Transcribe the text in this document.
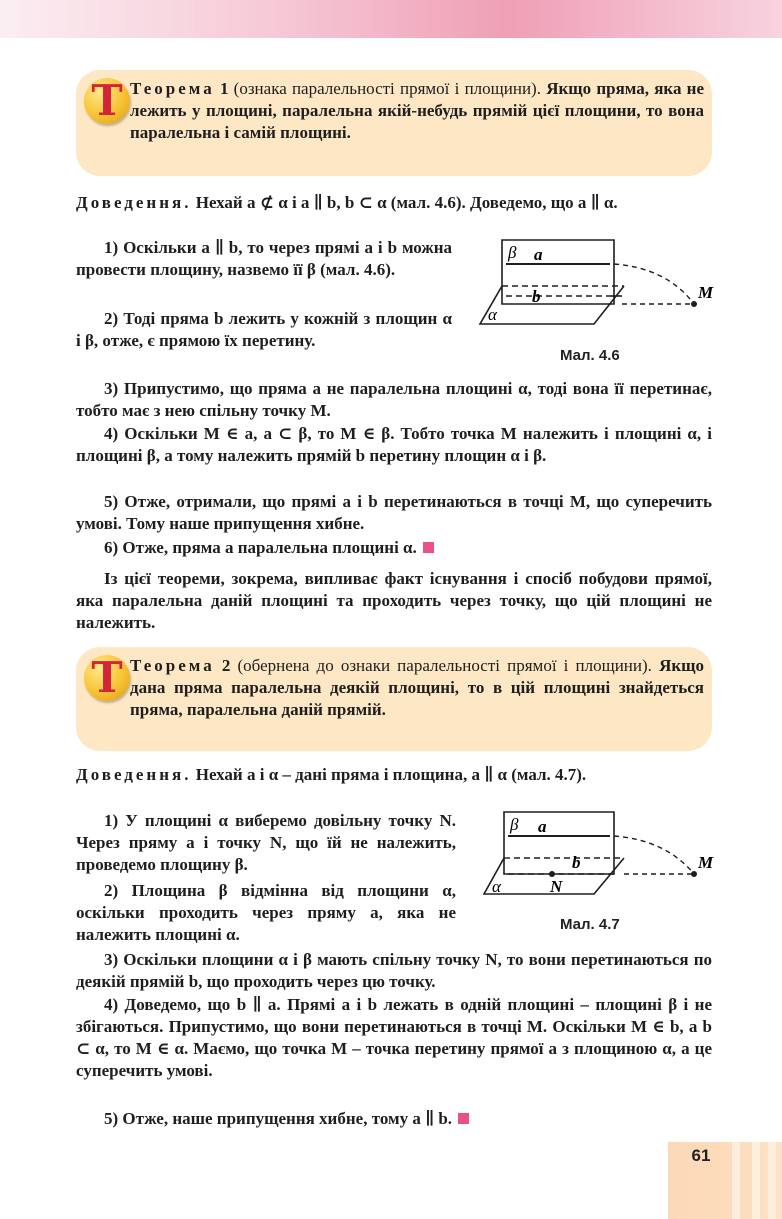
Т Теорема 1 (ознака паралельності прямої і площини). Якщо пряма, яка не лежить у площині, паралельна якій-небудь прямій цієї площини, то вона паралельна і самій площині.
Доведення. Нехай a ⊄ α і a ∥ b, b ⊂ α (мал. 4.6). Доведемо, що a ∥ α.
1) Оскільки a ∥ b, то через прямі a і b можна провести площину, назвемо її β (мал. 4.6).
2) Тоді пряма b лежить у кожній з площин α і β, отже, є прямою їх перетину.
β a
b
α
M
Мал. 4.6
3) Припустимо, що пряма a не паралельна площині α, тоді вона її перетинає, тобто має з нею спільну точку M.
4) Оскільки M ∈ a, a ⊂ β, то M ∈ β. Тобто точка M належить і площині α, і площині β, а тому належить прямій b перетину площин α і β.
5) Отже, отримали, що прямі a і b перетинаються в точці M, що суперечить умові. Тому наше припущення хибне.
6) Отже, пряма a паралельна площині α.
Із цієї теореми, зокрема, випливає факт існування і спосіб побудови прямої, яка паралельна даній площині та проходить через точку, що цій площині не належить.
Т Теорема 2 (обернена до ознаки паралельності прямої і площини). Якщо дана пряма паралельна деякій площині, то в цій площині знайдеться пряма, паралельна даній прямій.
Доведення. Нехай a і α – дані пряма і площина, a ∥ α (мал. 4.7).
1) У площині α виберемо довільну точку N. Через пряму a і точку N, що їй не належить, проведемо площину β.
2) Площина β відмінна від площини α, оскільки проходить через пряму a, яка не належить площині α.
β a
b
α	N
M
Мал. 4.7
3) Оскільки площини α і β мають спільну точку N, то вони перетинаються по деякій прямій b, що проходить через цю точку.
4) Доведемо, що b ∥ a. Прямі a і b лежать в одній площині – площині β і не збігаються. Припустимо, що вони перетинаються в точці M. Оскільки M ∈ b, а b ⊂ α, то M ∈ α. Маємо, що точка M – точка перетину прямої a з площиною α, а це суперечить умові.
5) Отже, наше припущення хибне, тому a ∥ b.
61
